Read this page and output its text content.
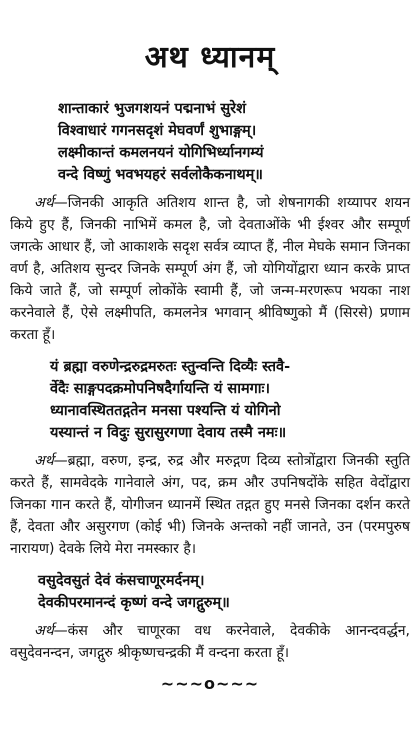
अथ ध्यानम्
शान्ताकारं भुजगशयनं पद्मनाभं सुरेशं
विश्वाधारं गगनसदृशं मेघवर्णं शुभाङ्गम्।
लक्ष्मीकान्तं कमलनयनं योगिभिर्ध्यानगम्यं
वन्दे विष्णुं भवभयहरं सर्वलोकैकनाथम्॥

अर्थ—जिनकी आकृति अतिशय शान्त है, जो शेषनागकी शय्यापर शयन किये हुए हैं, जिनकी नाभिमें कमल है, जो देवताओंके भी ईश्वर और सम्पूर्ण जगत्के आधार हैं, जो आकाशके सदृश सर्वत्र व्याप्त हैं, नील मेघके समान जिनका वर्ण है, अतिशय सुन्दर जिनके सम्पूर्ण अंग हैं, जो योगियोंद्वारा ध्यान करके प्राप्त किये जाते हैं, जो सम्पूर्ण लोकोंके स्वामी हैं, जो जन्म-मरणरूप भयका नाश करनेवाले हैं, ऐसे लक्ष्मीपति, कमलनेत्र भगवान् श्रीविष्णुको मैं (सिरसे) प्रणाम करता हूँ।

यं ब्रह्मा वरुणेन्द्ररुद्रमरुतः स्तुन्वन्ति दिव्यैः स्तवै-
र्वेदैः साङ्गपदक्रमोपनिषदैर्गायन्ति यं सामगाः।
ध्यानावस्थिततद्गतेन मनसा पश्यन्ति यं योगिनो
यस्यान्तं न विदुः सुरासुरगणा देवाय तस्मै नमः॥

अर्थ—ब्रह्मा, वरुण, इन्द्र, रुद्र और मरुद्गण दिव्य स्तोत्रोंद्वारा जिनकी स्तुति करते हैं, सामवेदके गानेवाले अंग, पद, क्रम और उपनिषदोंके सहित वेदोंद्वारा जिनका गान करते हैं, योगीजन ध्यानमें स्थित तद्गत हुए मनसे जिनका दर्शन करते हैं, देवता और असुरगण (कोई भी) जिनके अन्तको नहीं जानते, उन (परमपुरुष नारायण) देवके लिये मेरा नमस्कार है।

वसुदेवसुतं देवं कंसचाणूरमर्दनम्।
देवकीपरमानन्दं कृष्णं वन्दे जगद्गुरुम्॥

अर्थ—कंस और चाणूरका वध करनेवाले, देवकीके आनन्दवर्द्धन, वसुदेवनन्दन, जगद्गुरु श्रीकृष्णचन्द्रकी मैं वन्दना करता हूँ।

~~~o~~~
